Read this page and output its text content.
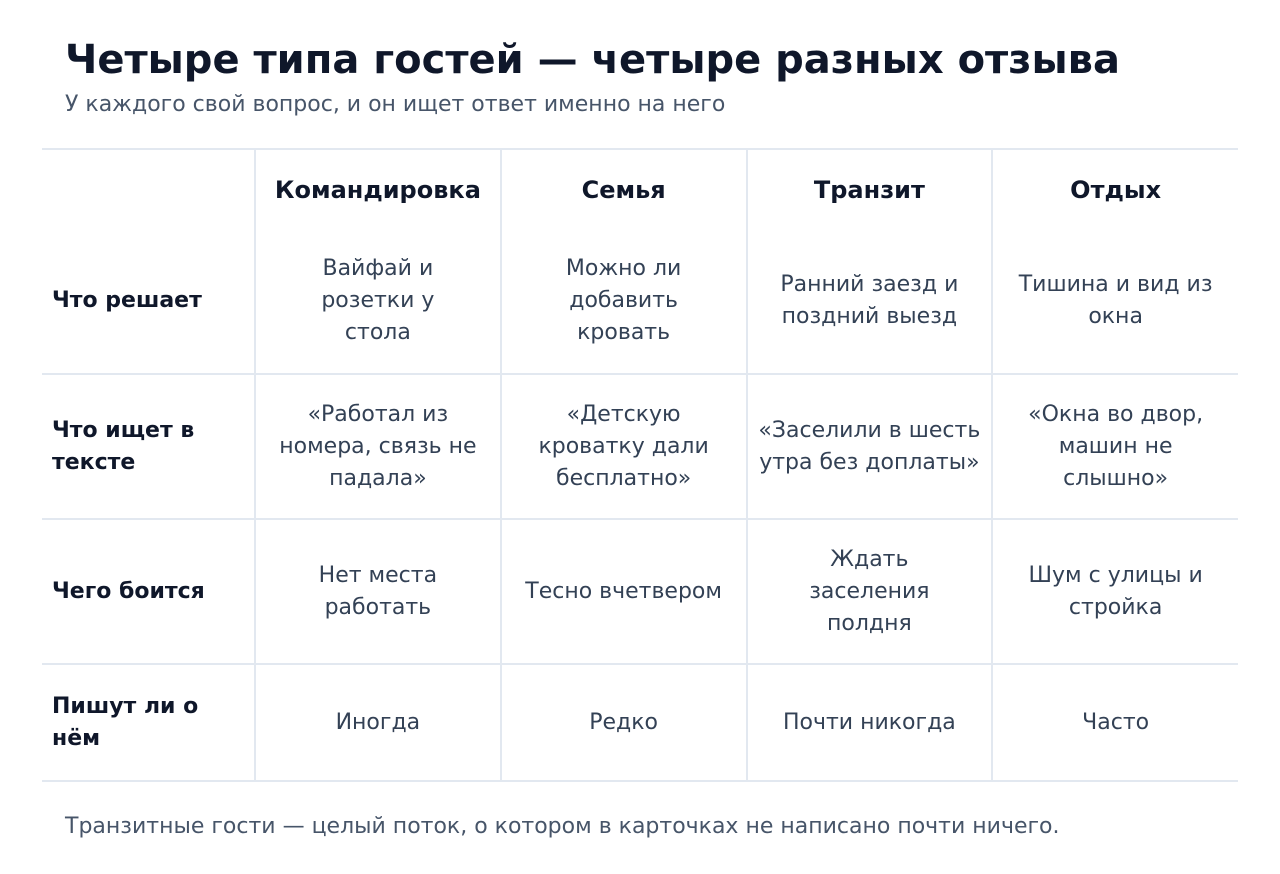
Четыре типа гостей — четыре разных отзыва

У каждого свой вопрос, и он ищет ответ именно на него

	Командировка	Семья	Транзит	Отдых
Что решает	Вайфай и розетки у стола	Можно ли добавить кровать	Ранний заезд и поздний выезд	Тишина и вид из окна
Что ищет в тексте	«Работал из номера, связь не падала»	«Детскую кроватку дали бесплатно»	«Заселили в шесть утра без доплаты»	«Окна во двор, машин не слышно»
Чего боится	Нет места работать	Тесно вчетвером	Ждать заселения полдня	Шум с улицы и стройка
Пишут ли о нём	Иногда	Редко	Почти никогда	Часто

Транзитные гости — целый поток, о котором в карточках не написано почти ничего.
